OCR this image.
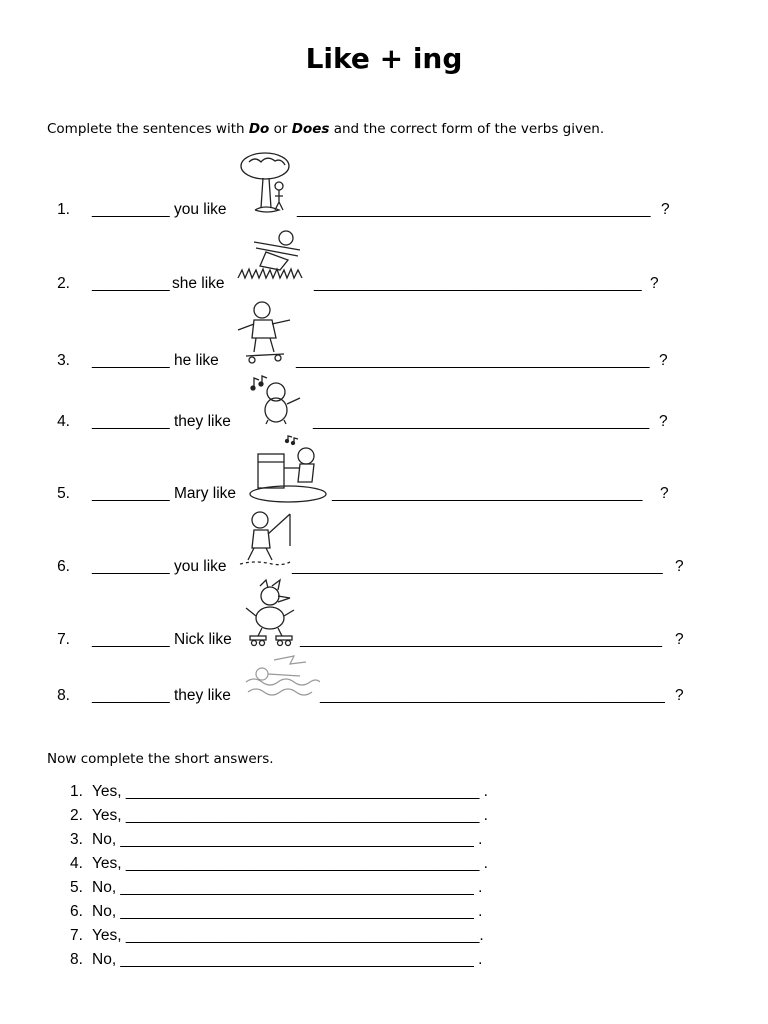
Like + ing
Complete the sentences with Do or Does and the correct form of the verbs given.
1. _________ you like	_________________________________________ ?
2. _________ she like	______________________________________ ?
3. _________ he like	_________________________________________ ?
4. _________ they like	_______________________________________ ?
5. _________ Mary like	____________________________________ ?
6. _________ you like	___________________________________________ ?
7. _________ Nick like	__________________________________________ ?
8. _________ they like	________________________________________ ?
Now complete the short answers.
1. Yes, _________________________________________ .
2. Yes, _________________________________________ .
3. No, _________________________________________ .
4. Yes, _________________________________________ .
5. No, _________________________________________ .
6. No, _________________________________________ .
7. Yes, _________________________________________.
8. No, _________________________________________ .
